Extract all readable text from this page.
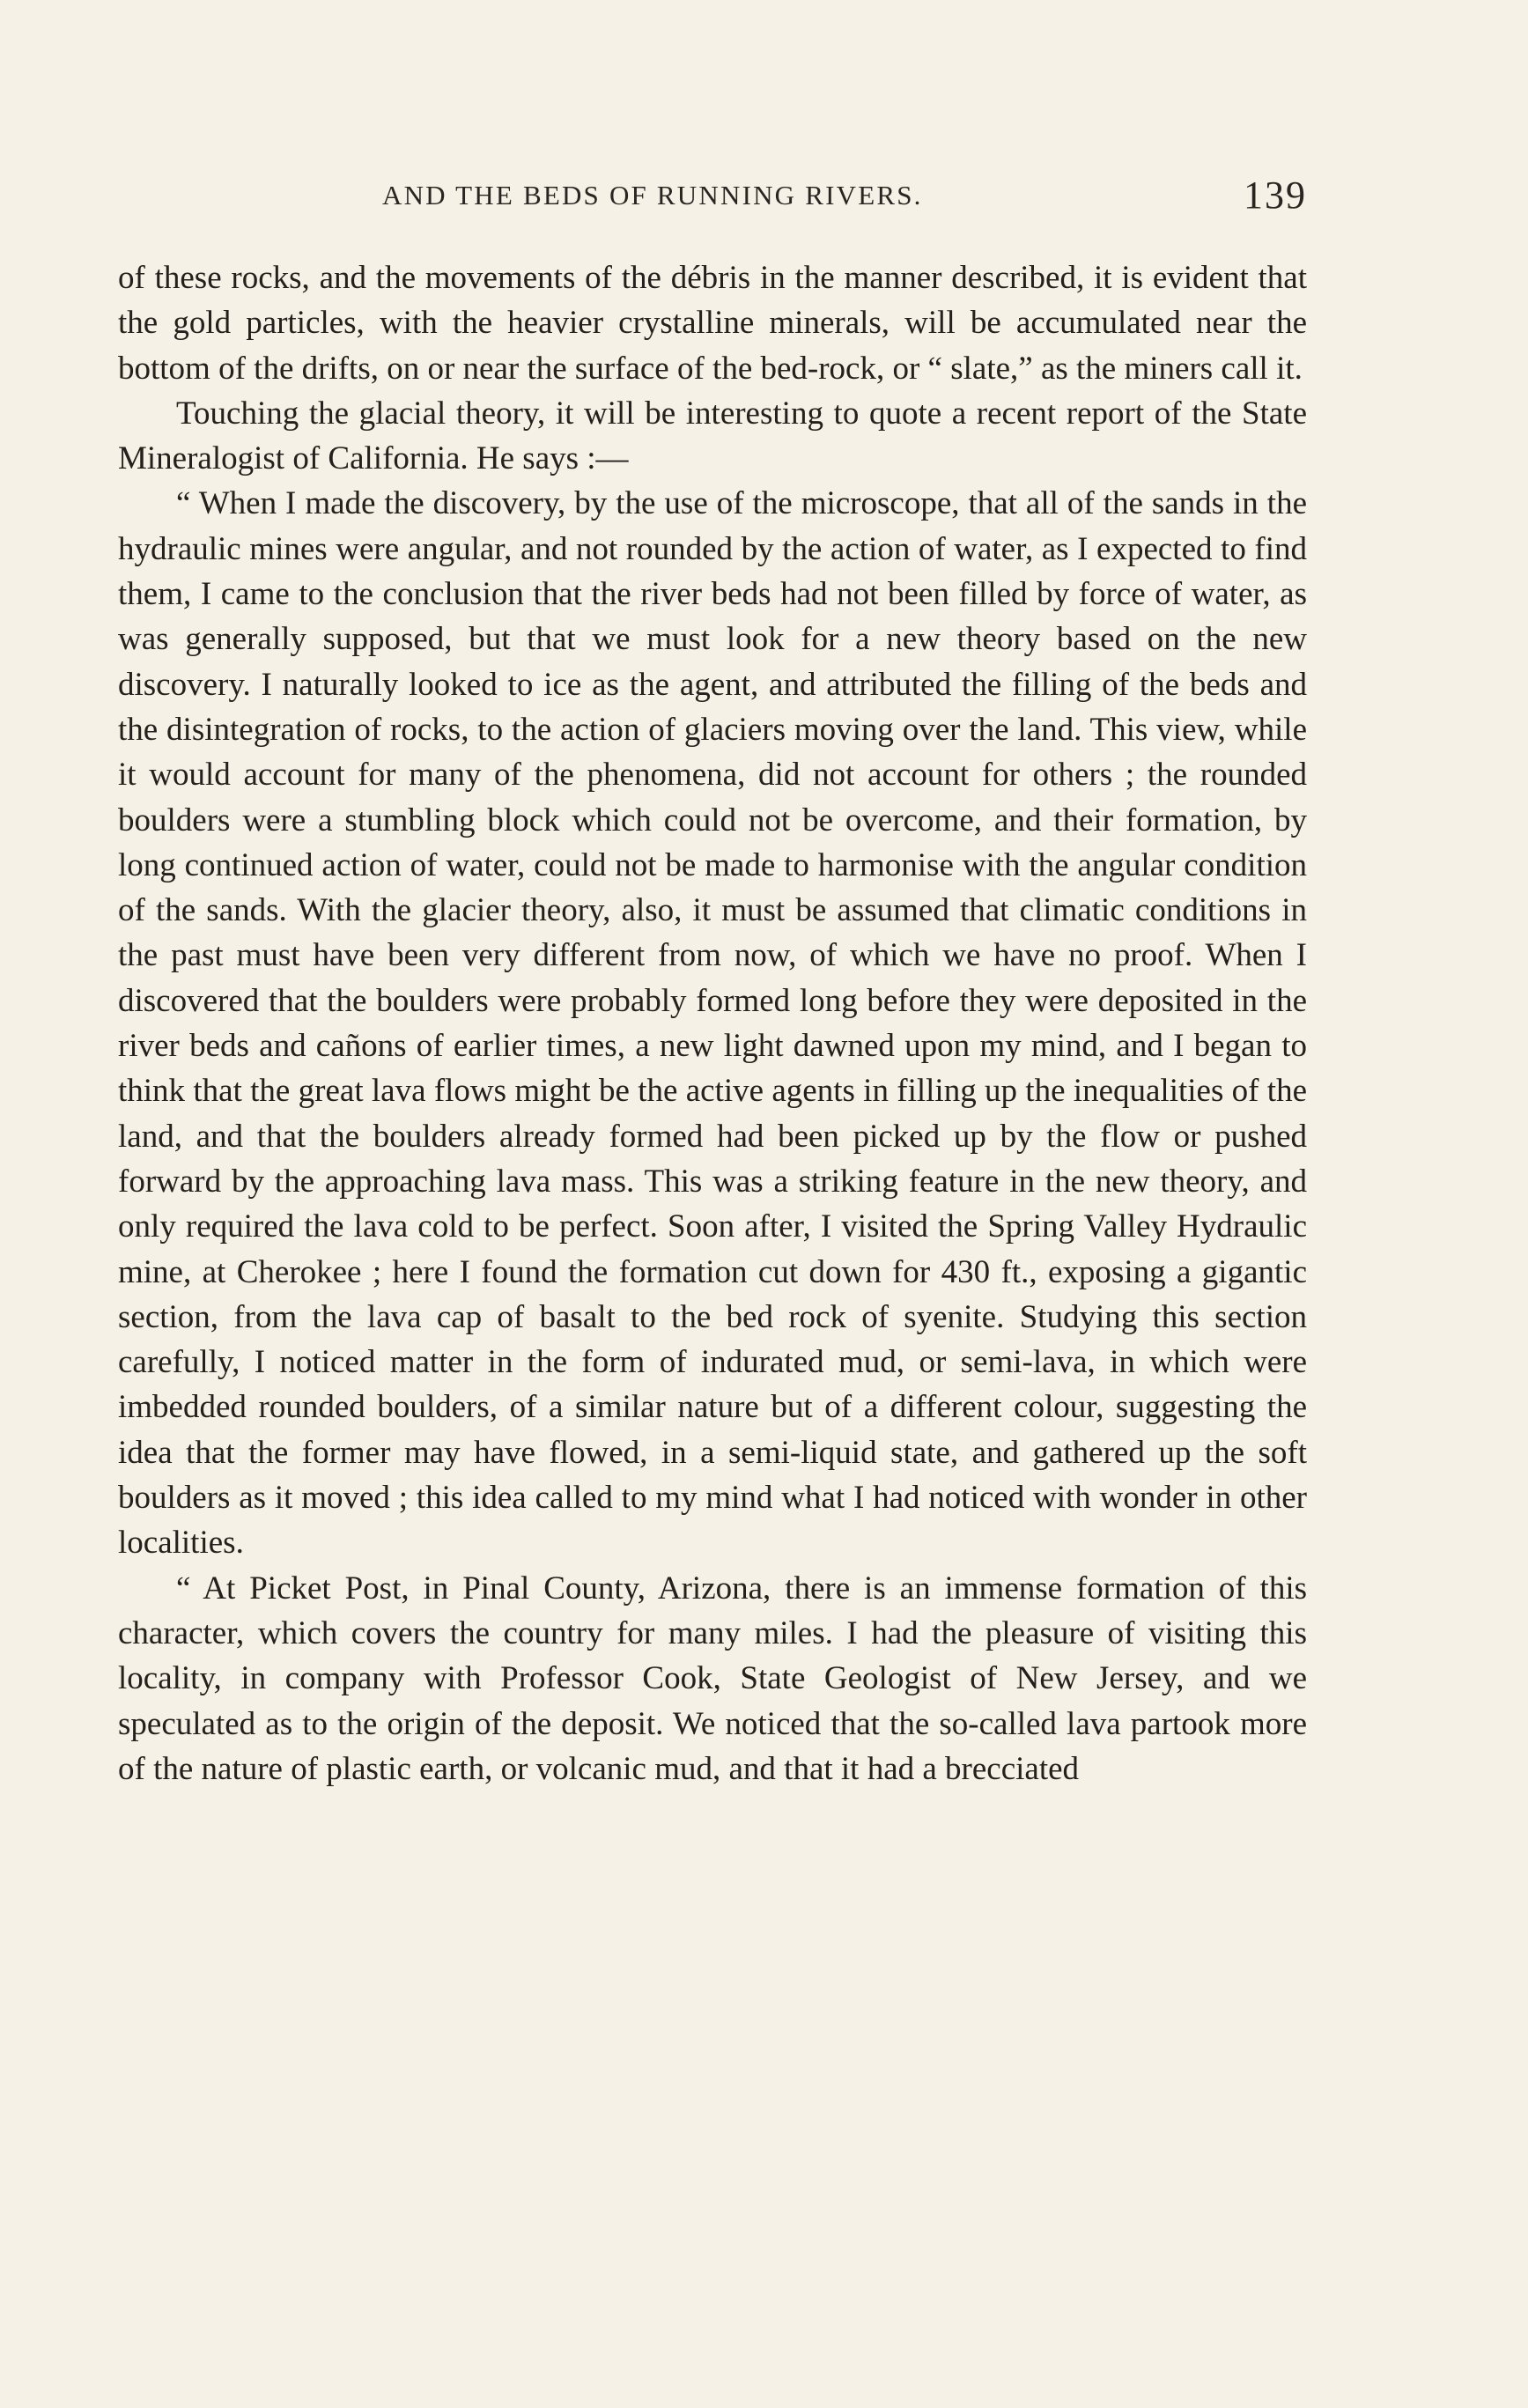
AND THE BEDS OF RUNNING RIVERS.	139

of these rocks, and the movements of the débris in the manner described, it is evident that the gold particles, with the heavier crystalline minerals, will be accumulated near the bottom of the drifts, on or near the surface of the bed-rock, or “ slate,” as the miners call it.

Touching the glacial theory, it will be interesting to quote a recent report of the State Mineralogist of California. He says :—

“ When I made the discovery, by the use of the microscope, that all of the sands in the hydraulic mines were angular, and not rounded by the action of water, as I expected to find them, I came to the conclusion that the river beds had not been filled by force of water, as was generally supposed, but that we must look for a new theory based on the new discovery. I naturally looked to ice as the agent, and attributed the filling of the beds and the disintegration of rocks, to the action of glaciers moving over the land. This view, while it would account for many of the phenomena, did not account for others ; the rounded boulders were a stumbling block which could not be overcome, and their formation, by long continued action of water, could not be made to harmonise with the angular condition of the sands. With the glacier theory, also, it must be assumed that climatic conditions in the past must have been very different from now, of which we have no proof. When I discovered that the boulders were probably formed long before they were deposited in the river beds and cañons of earlier times, a new light dawned upon my mind, and I began to think that the great lava flows might be the active agents in filling up the inequalities of the land, and that the boulders already formed had been picked up by the flow or pushed forward by the approaching lava mass. This was a striking feature in the new theory, and only required the lava cold to be perfect. Soon after, I visited the Spring Valley Hydraulic mine, at Cherokee ; here I found the formation cut down for 430 ft., exposing a gigantic section, from the lava cap of basalt to the bed rock of syenite. Studying this section carefully, I noticed matter in the form of indurated mud, or semi-lava, in which were imbedded rounded boulders, of a similar nature but of a different colour, suggesting the idea that the former may have flowed, in a semi-liquid state, and gathered up the soft boulders as it moved ; this idea called to my mind what I had noticed with wonder in other localities.

“ At Picket Post, in Pinal County, Arizona, there is an immense formation of this character, which covers the country for many miles. I had the pleasure of visiting this locality, in company with Professor Cook, State Geologist of New Jersey, and we speculated as to the origin of the deposit. We noticed that the so-called lava partook more of the nature of plastic earth, or volcanic mud, and that it had a brecciated
